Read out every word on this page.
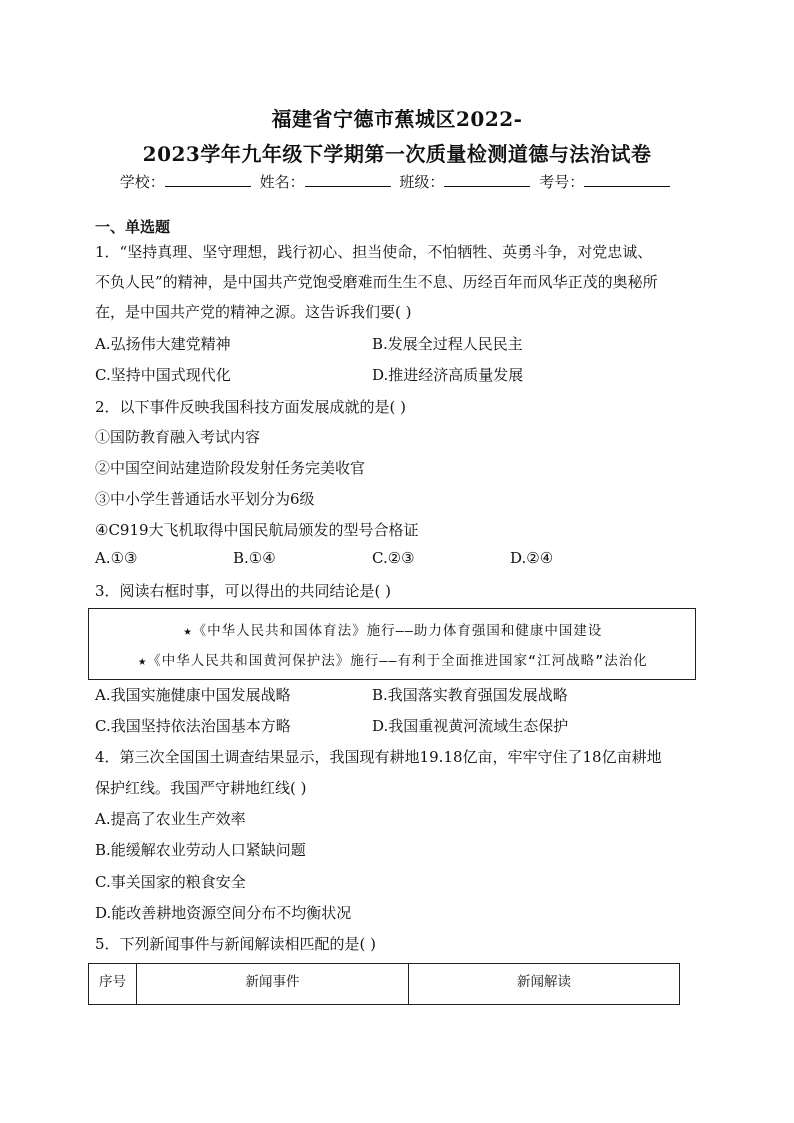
福建省宁德市蕉城区2022-
2023学年九年级下学期第一次质量检测道德与法治试卷
学校：	姓名：	班级：	考号：
一、单选题
1．“坚持真理、坚守理想，践行初心、担当使命，不怕牺牲、英勇斗争，对党忠诚、
不负人民”的精神，是中国共产党饱受磨难而生生不息、历经百年而风华正茂的奥秘所
在，是中国共产党的精神之源。这告诉我们要( )
A.弘扬伟大建党精神	B.发展全过程人民民主
C.坚持中国式现代化	D.推进经济高质量发展
2．以下事件反映我国科技方面发展成就的是( )
①国防教育融入考试内容
②中国空间站建造阶段发射任务完美收官
③中小学生普通话水平划分为6级
④C919大飞机取得中国民航局颁发的型号合格证
A.①③	B.①④	C.②③	D.②④
3．阅读右框时事，可以得出的共同结论是( )
★《中华人民共和国体育法》施行——助力体育强国和健康中国建设
★《中华人民共和国黄河保护法》施行——有利于全面推进国家“江河战略”法治化
A.我国实施健康中国发展战略	B.我国落实教育强国发展战略
C.我国坚持依法治国基本方略	D.我国重视黄河流域生态保护
4．第三次全国国土调查结果显示，我国现有耕地19.18亿亩，牢牢守住了18亿亩耕地
保护红线。我国严守耕地红线( )
A.提高了农业生产效率
B.能缓解农业劳动人口紧缺问题
C.事关国家的粮食安全
D.能改善耕地资源空间分布不均衡状况
5．下列新闻事件与新闻解读相匹配的是( )
序号	新闻事件	新闻解读
